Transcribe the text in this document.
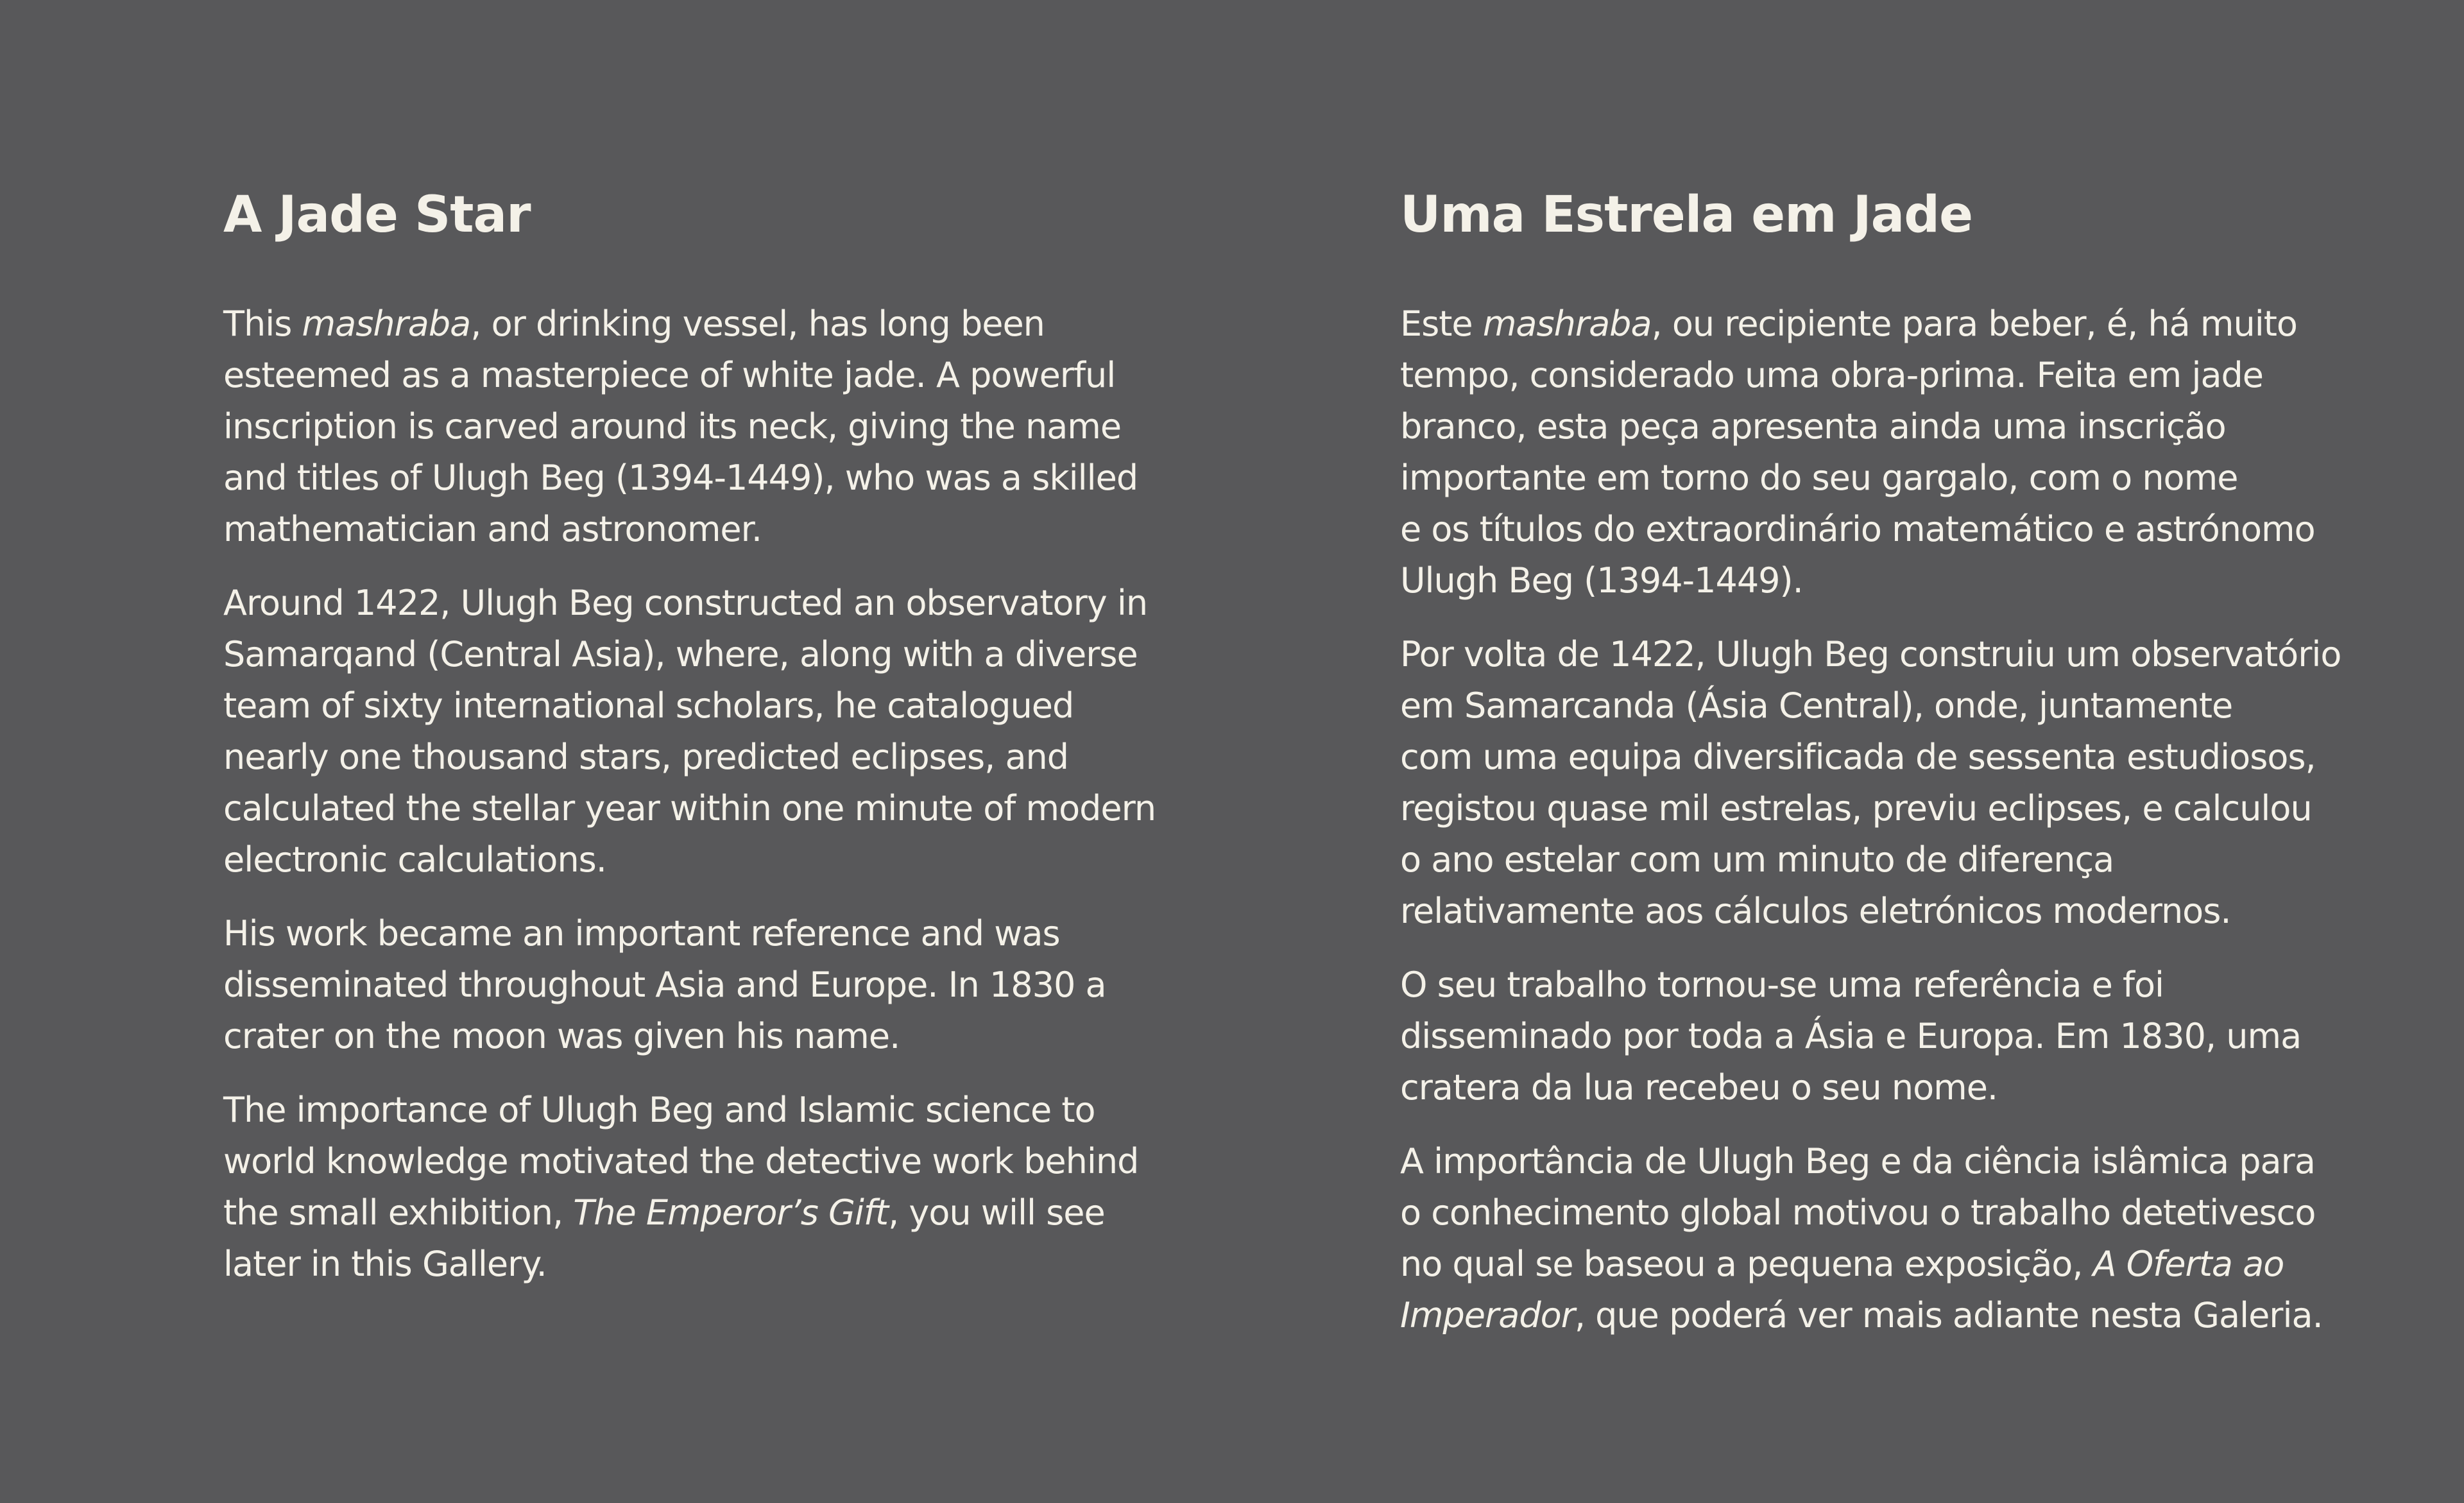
A Jade Star

This mashraba, or drinking vessel, has long been
esteemed as a masterpiece of white jade. A powerful
inscription is carved around its neck, giving the name
and titles of Ulugh Beg (1394-1449), who was a skilled
mathematician and astronomer.

Around 1422, Ulugh Beg constructed an observatory in
Samarqand (Central Asia), where, along with a diverse
team of sixty international scholars, he catalogued
nearly one thousand stars, predicted eclipses, and
calculated the stellar year within one minute of modern
electronic calculations.

His work became an important reference and was
disseminated throughout Asia and Europe. In 1830 a
crater on the moon was given his name.

The importance of Ulugh Beg and Islamic science to
world knowledge motivated the detective work behind
the small exhibition, The Emperor’s Gift, you will see
later in this Gallery.

Uma Estrela em Jade

Este mashraba, ou recipiente para beber, é, há muito
tempo, considerado uma obra-prima. Feita em jade
branco, esta peça apresenta ainda uma inscrição
importante em torno do seu gargalo, com o nome
e os títulos do extraordinário matemático e astrónomo
Ulugh Beg (1394-1449).

Por volta de 1422, Ulugh Beg construiu um observatório
em Samarcanda (Ásia Central), onde, juntamente
com uma equipa diversificada de sessenta estudiosos,
registou quase mil estrelas, previu eclipses, e calculou
o ano estelar com um minuto de diferença
relativamente aos cálculos eletrónicos modernos.

O seu trabalho tornou-se uma referência e foi
disseminado por toda a Ásia e Europa. Em 1830, uma
cratera da lua recebeu o seu nome.

A importância de Ulugh Beg e da ciência islâmica para
o conhecimento global motivou o trabalho detetivesco
no qual se baseou a pequena exposição, A Oferta ao
Imperador, que poderá ver mais adiante nesta Galeria.
